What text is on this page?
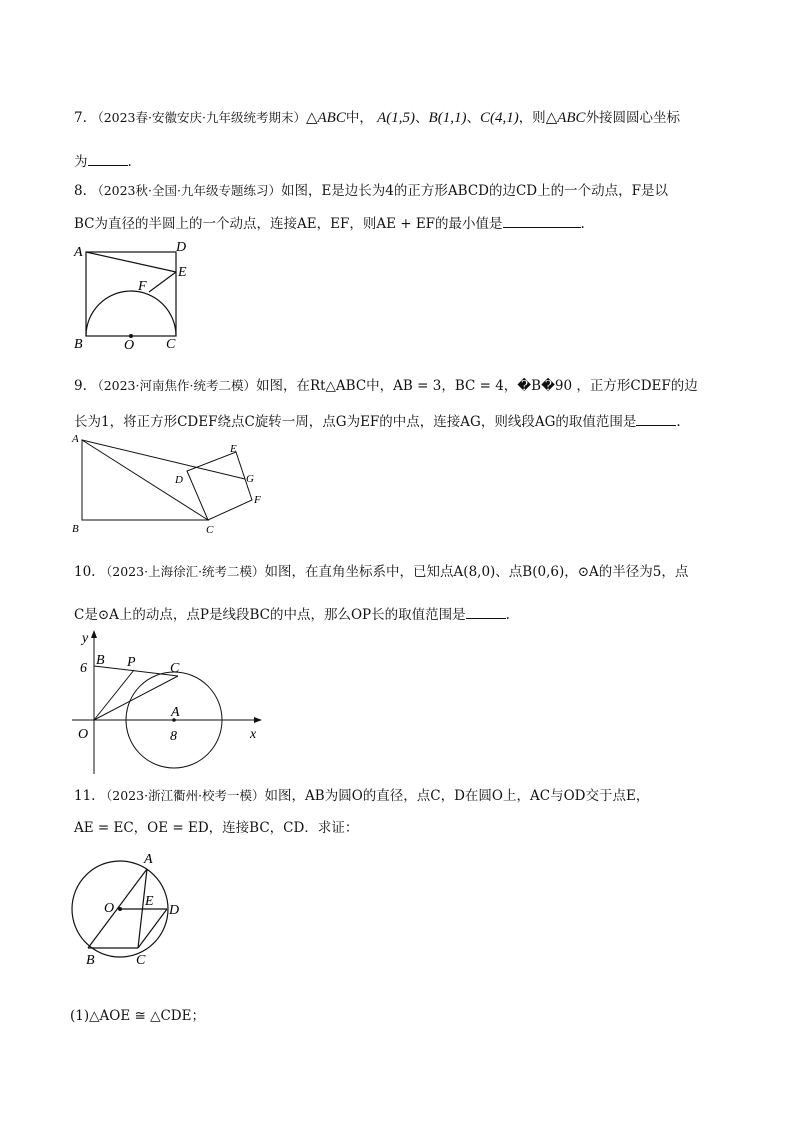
7. （2023春·安徽安庆·九年级统考期末）△ABC中， A(1,5)、B(1,1)、C(4,1)，则△ABC外接圆圆心坐标
为	.
8. （2023秋·全国·九年级专题练习）如图，E是边长为4的正方形ABCD的边CD上的一个动点，F是以
BC为直径的半圆上的一个动点，连接AE，EF，则AE + EF的最小值是	.
A	D
E
F
B	O C
9. （2023·河南焦作·统考二模）如图，在Rt△ABC中，AB = 3，BC = 4，�B�90 ，正方形CDEF的边
长为1，将正方形CDEF绕点C旋转一周，点G为EF的中点，连接AG，则线段AG的取值范围是	.
A
B	C
D
E
G
F
10. （2023·上海徐汇·统考二模）如图，在直角坐标系中，已知点A(8,0)、点B(0,6)，⊙A的半径为5，点
C是⊙A上的动点，点P是线段BC的中点，那么OP长的取值范围是	.
y
x
6
8
O
A
B P C
11. （2023·浙江衢州·校考一模）如图，AB为圆O的直径，点C，D在圆O上，AC与OD交于点E，
AE = EC，OE = ED，连接BC，CD．求证：
A
O E
D
B	C
(1)△AOE ≅ △CDE；
